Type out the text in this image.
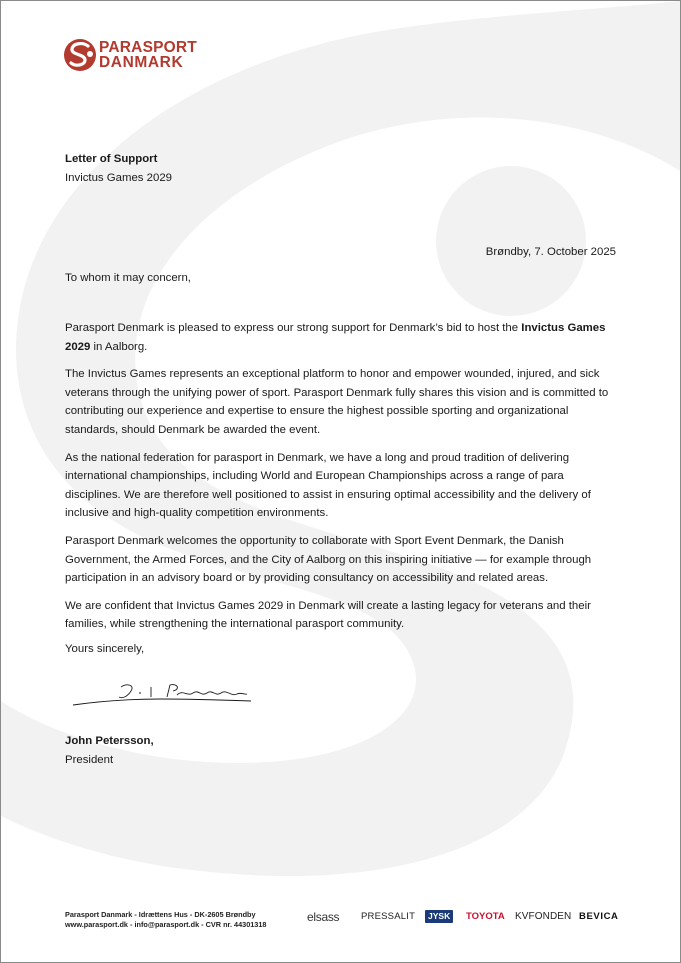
PARASPORT
DANMARK
Letter of Support
Invictus Games 2029
Brøndby, 7. October 2025
To whom it may concern,

Parasport Denmark is pleased to express our strong support for Denmark’s bid to host the Invictus Games 2029 in Aalborg.

The Invictus Games represents an exceptional platform to honor and empower wounded, injured, and sick veterans through the unifying power of sport. Parasport Denmark fully shares this vision and is committed to contributing our experience and expertise to ensure the highest possible sporting and organizational standards, should Denmark be awarded the event.

As the national federation for parasport in Denmark, we have a long and proud tradition of delivering international championships, including World and European Championships across a range of para disciplines. We are therefore well positioned to assist in ensuring optimal accessibility and the delivery of inclusive and high-quality competition environments.

Parasport Denmark welcomes the opportunity to collaborate with Sport Event Denmark, the Danish Government, the Armed Forces, and the City of Aalborg on this inspiring initiative — for example through participation in an advisory board or by providing consultancy on accessibility and related areas.

We are confident that Invictus Games 2029 in Denmark will create a lasting legacy for veterans and their families, while strengthening the international parasport community.

Yours sincerely,
John Petersson,
President
Parasport Danmark - Idrættens Hus - DK-2605 Brøndby
www.parasport.dk - info@parasport.dk - CVR nr. 44301318
elsass PRESSALIT	JYSK	TOYOTA KVFONDEN BEVICA
